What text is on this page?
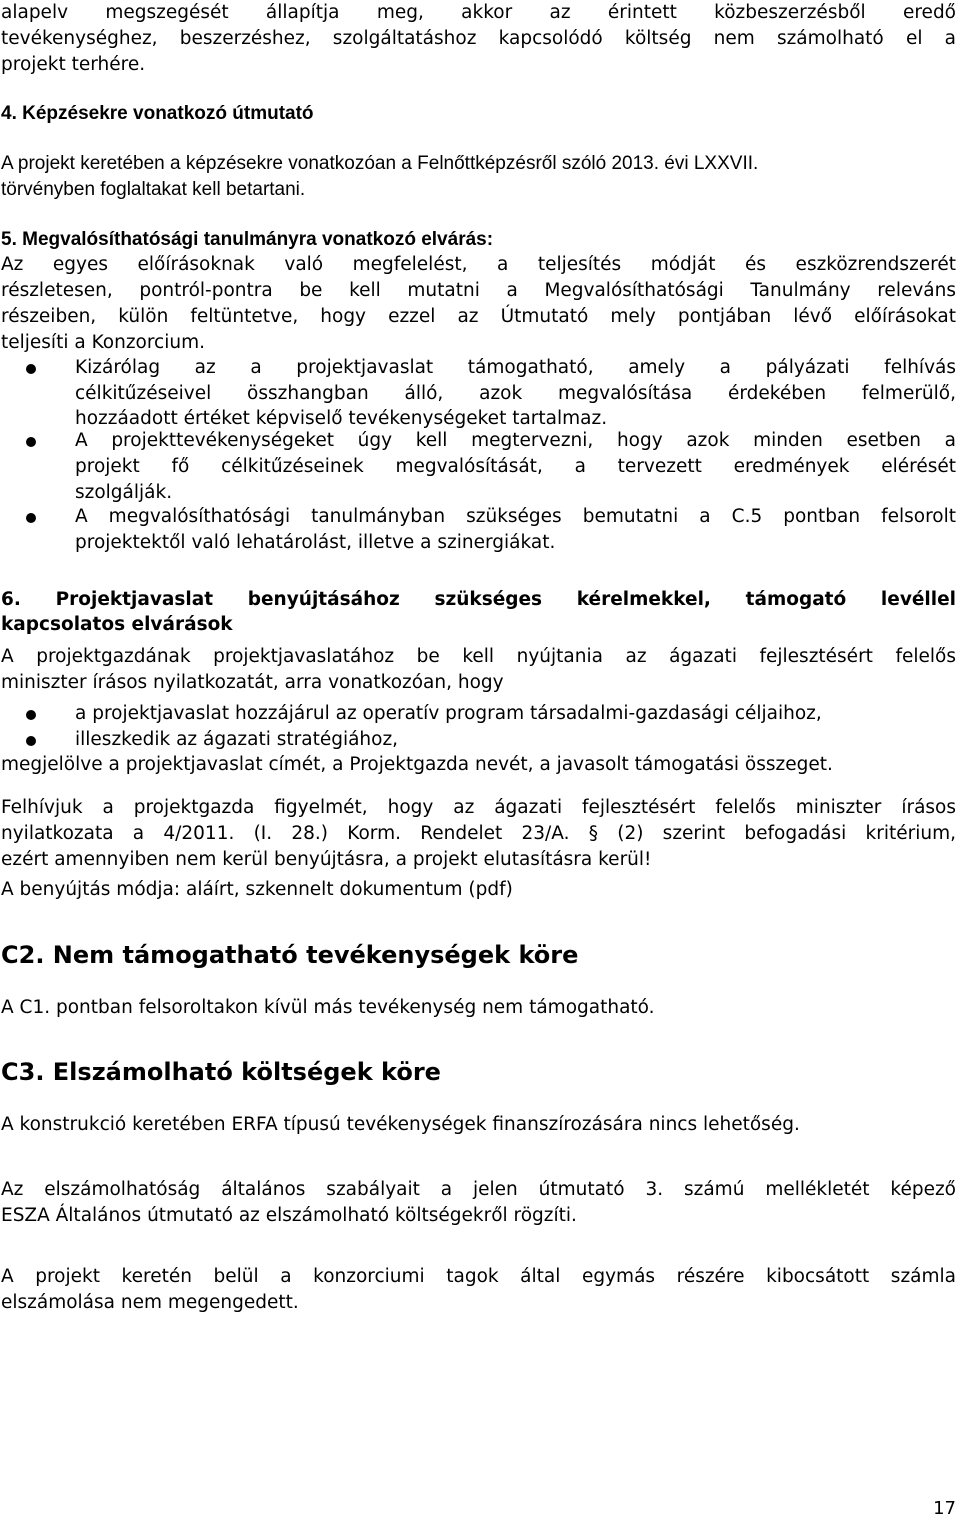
alapelv megszegését állapítja meg, akkor az érintett közbeszerzésből eredő

tevékenységhez, beszerzéshez, szolgáltatáshoz kapcsolódó költség nem számolható el a

projekt terhére.

4. Képzésekre vonatkozó útmutató

A projekt keretében a képzésekre vonatkozóan a Felnőttképzésről szóló 2013. évi LXXVII.

törvényben foglaltakat kell betartani.

5. Megvalósíthatósági tanulmányra vonatkozó elvárás:

Az egyes előírásoknak való megfelelést, a teljesítés módját és eszközrendszerét

részletesen, pontról-pontra be kell mutatni a Megvalósíthatósági Tanulmány releváns

részeiben, külön feltüntetve, hogy ezzel az Útmutató mely pontjában lévő előírásokat

teljesíti a Konzorcium.

Kizárólag az a projektjavaslat támogatható, amely a pályázati felhívás

célkitűzéseivel összhangban álló, azok megvalósítása érdekében felmerülő,

hozzáadott értéket képviselő tevékenységeket tartalmaz.

A projekttevékenységeket úgy kell megtervezni, hogy azok minden esetben a

projekt fő célkitűzéseinek megvalósítását, a tervezett eredmények elérését

szolgálják.

A megvalósíthatósági tanulmányban szükséges bemutatni a C.5 pontban felsorolt

projektektől való lehatárolást, illetve a szinergiákat.

6. Projektjavaslat benyújtásához szükséges kérelmekkel, támogató levéllel

kapcsolatos elvárások

A projektgazdának projektjavaslatához be kell nyújtania az ágazati fejlesztésért felelős

miniszter írásos nyilatkozatát, arra vonatkozóan, hogy

a projektjavaslat hozzájárul az operatív program társadalmi-gazdasági céljaihoz,

illeszkedik az ágazati stratégiához,

megjelölve a projektjavaslat címét, a Projektgazda nevét, a javasolt támogatási összeget.

Felhívjuk a projektgazda figyelmét, hogy az ágazati fejlesztésért felelős miniszter írásos

nyilatkozata a 4/2011. (I. 28.) Korm. Rendelet 23/A. § (2) szerint befogadási kritérium,

ezért amennyiben nem kerül benyújtásra, a projekt elutasításra kerül!

A benyújtás módja: aláírt, szkennelt dokumentum (pdf)

C2. Nem támogatható tevékenységek köre

A C1. pontban felsoroltakon kívül más tevékenység nem támogatható.

C3. Elszámolható költségek köre

A konstrukció keretében ERFA típusú tevékenységek finanszírozására nincs lehetőség.

Az elszámolhatóság általános szabályait a jelen útmutató 3. számú mellékletét képező

ESZA Általános útmutató az elszámolható költségekről rögzíti.

A projekt keretén belül a konzorciumi tagok által egymás részére kibocsátott számla

elszámolása nem megengedett.

17
